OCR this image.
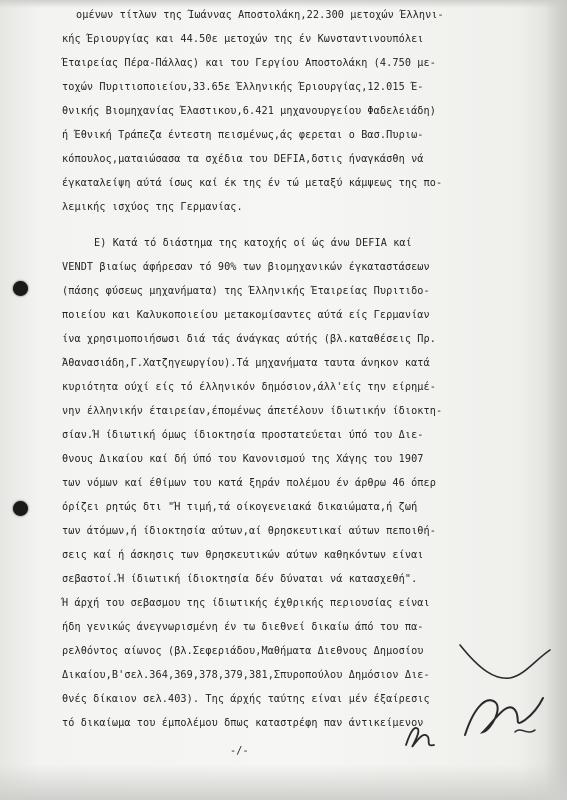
ομένων τίτλων της Ίωάννας Αποστολάκη,22.300 μετοχών Έλληνι-
κής Έριουργίας και 44.50ε μετοχών της έν Κωνσταντινουπόλει
Έταιρείας Πέρα-Πάλλας) και του Γεργίου Αποστολάκη (4.750 με-
τοχών Πυριτιοποιείου,33.65ε Έλληνικής Έριουργίας,12.015 Έ-
θνικής Βιομηχανίας Έλαστικου,6.421 μηχανουργείου Φαδελειάδη)
ή Έθνική Τράπεζα έντεστη πεισμένως,άς φερεται ο Βασ.Πυριω-
κόπουλος,ματαιώσασα τα σχέδια του DEFIA,δστις ήναγκάσθη νά
έγκαταλείψη αύτά ίσως καί έκ της έν τώ μεταξύ κάμψεως της πο-
λεμικής ισχύος της Γερμανίας.
Ε) Κατά τό διάστημα της κατοχής οί ώς άνω DEFIA καί
VENDT βιαίως άφήρεσαν τό 90% των βιομηχανικών έγκαταστάσεων
(πάσης φύσεως μηχανήματα) της Έλληνικής Έταιρείας Πυριτιδο-
ποιείου και Καλυκοποιείου μετακομίσαντες αύτά είς Γερμανίαν
ίνα χρησιμοποιήσωσι διά τάς άνάγκας αύτής (βλ.καταθέσεις Πρ.
Άθανασιάδη,Γ.Χατζηγεωργίου).Τά μηχανήματα ταυτα άνηκον κατά
κυριότητα ούχί είς τό έλληνικόν δημόσιον,άλλ'είς την είρημέ-
νην έλληνικήν έταιρείαν,έπομένως άπετέλουν ίδιωτικήν ίδιοκτη-
σίαν.Ή ίδιωτική όμως ίδιοκτησία προστατεύεται ύπό του Διε-
θνους Δικαίου καί δή ύπό του Κανονισμού της Χάγης του 1907
των νόμων καί έθίμων του κατά ξηράν πολέμου έν άρθρω 46 όπερ
όρίζει ρητώς δτι "Ή τιμή,τά οίκογενειακά δικαιώματα,ή ζωή
των άτόμων,ή ίδιοκτησία αύτων,αί θρησκευτικαί αύτων πεποιθή-
σεις καί ή άσκησις των θρησκευτικών αύτων καθηκόντων είναι
σεβαστοί.Ή ίδιωτική ίδιοκτησία δέν δύναται νά κατασχεθή".
Ή άρχή του σεβασμου της ίδιωτικής έχθρικής περιουσίας είναι
ήδη γενικώς άνεγνωρισμένη έν τω διεθνεί δικαίω άπό του πα-
ρελθόντος αίωνος (βλ.Σεφεριάδου,Μαθήματα Διεθνους Δημοσίου
Δικαίου,Β'σελ.364,369,378,379,381,Σπυροπούλου Δημόσιον Διε-
θνές δίκαιον σελ.403). Της άρχής ταύτης είναι μέν έξαίρεσις
τό δικαίωμα του έμπολέμου δπως καταστρέφη παν άντικείμενον
-/-
